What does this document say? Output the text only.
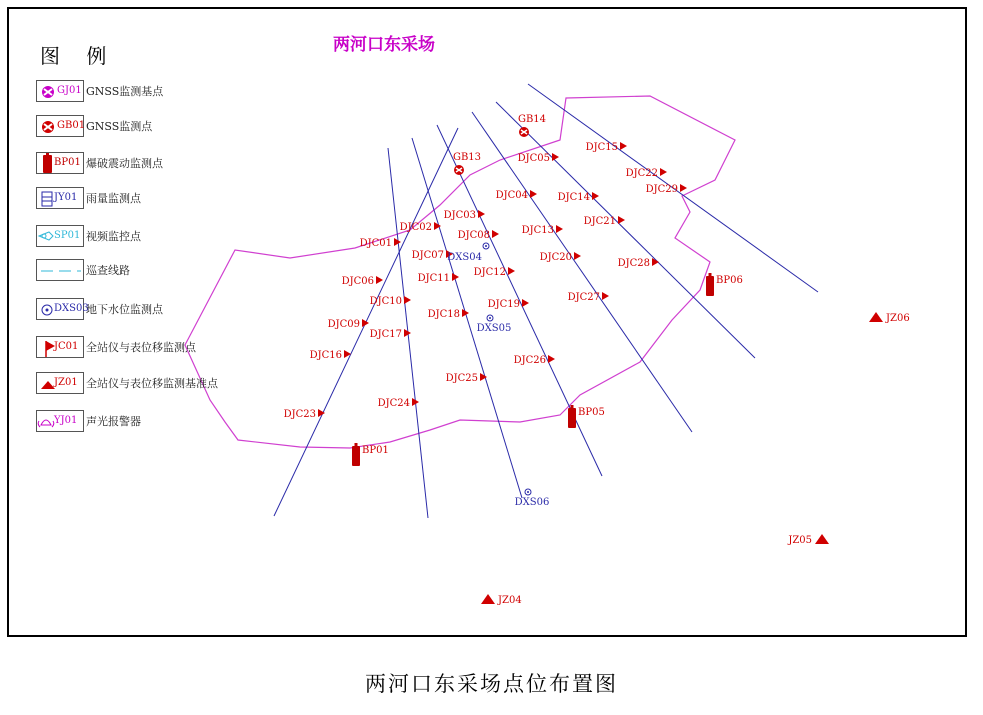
DJC15
DJC05
DJC22
DJC29
DJC04	DJC14
DJC03
DJC21
DJC02
DJC08	DJC13
DJC01
DJC07	DJC20
DJC28
DJC06	DJC11
DJC12
DJC10
DJC18
DJC19
DJC27
DJC09
DJC17
DJC16	DJC26
DJC25
DJC24
DJC23
GB14
GB13
BP06
BP05
BP01
DXS04
DXS05
DXS06
JZ06
JZ05
JZ04
图 例	两河口东采场
GJ01 GNSS监测基点
GB01 GNSS监测点
BP01 爆破震动监测点
JY01 雨量监测点
SP01 视频监控点
巡查线路
DXS03
地下水位监测点
JC01 全站仪与表位移监测点
JZ01 全站仪与表位移监测基准点
YJ01 声光报警器
两河口东采场点位布置图
